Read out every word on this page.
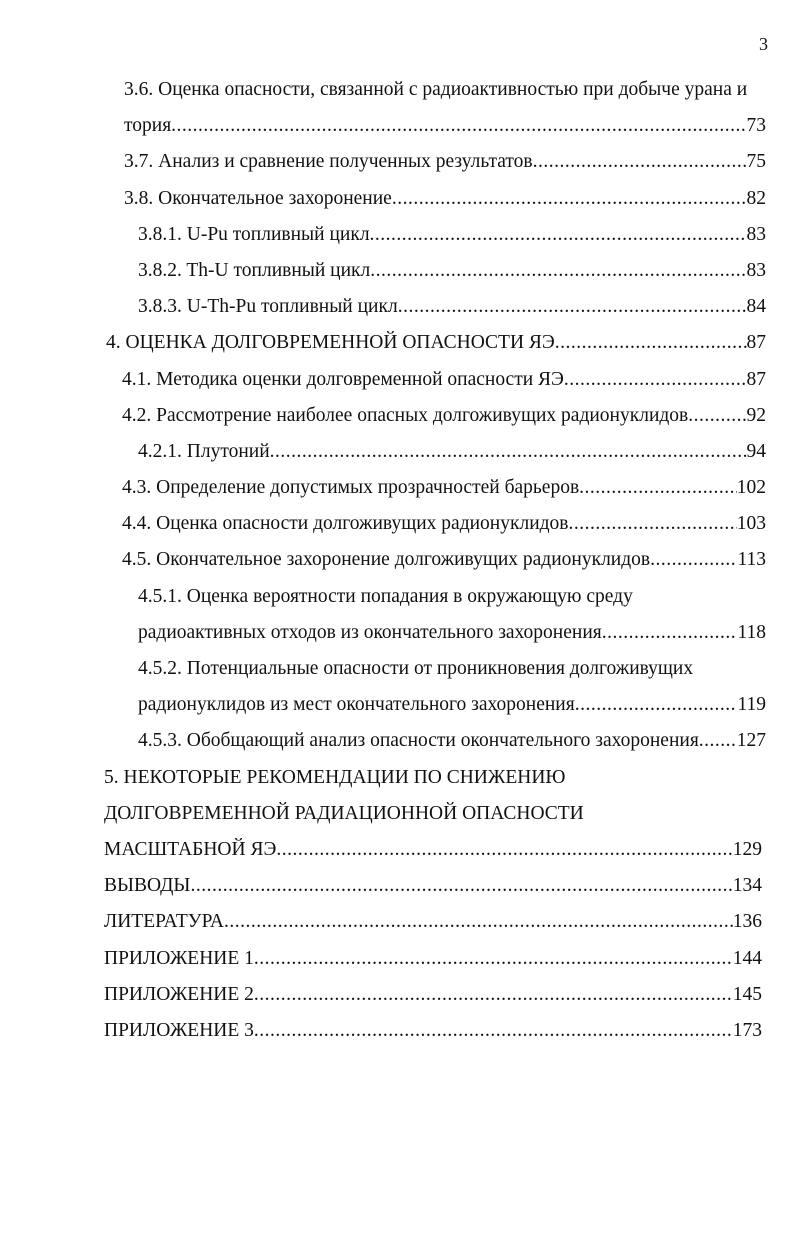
3
3.6. Оценка опасности, связанной с радиоактивностью при добыче урана и
тория .....	73
3.7. Анализ и сравнение полученных результатов .....	75
3.8. Окончательное захоронение .....	82
3.8.1. U-Pu топливный цикл .....	83
3.8.2. Th-U топливный цикл .....	83
3.8.3. U-Th-Pu топливный цикл .....	84
4. ОЦЕНКА ДОЛГОВРЕМЕННОЙ ОПАСНОСТИ ЯЭ .....	87
4.1. Методика оценки долговременной опасности ЯЭ .....	87
4.2. Рассмотрение наиболее опасных долгоживущих радионуклидов .....	92
4.2.1. Плутоний .....	94
4.3. Определение допустимых прозрачностей барьеров .....	102
4.4. Оценка опасности долгоживущих радионуклидов .....	103
4.5. Окончательное захоронение долгоживущих радионуклидов .....	113
4.5.1. Оценка вероятности попадания в окружающую среду
радиоактивных отходов из окончательного захоронения .....	118
4.5.2. Потенциальные опасности от проникновения долгоживущих
радионуклидов из мест окончательного захоронения .....	119
4.5.3. Обобщающий анализ опасности окончательного захоронения ..... 127
5. НЕКОТОРЫЕ РЕКОМЕНДАЦИИ ПО СНИЖЕНИЮ
ДОЛГОВРЕМЕННОЙ РАДИАЦИОННОЙ ОПАСНОСТИ
МАСШТАБНОЙ ЯЭ .....	129
ВЫВОДЫ .....	134
ЛИТЕРАТУРА .....	136
ПРИЛОЖЕНИЕ 1 .....	144
ПРИЛОЖЕНИЕ 2 .....	145
ПРИЛОЖЕНИЕ 3 .....	173
